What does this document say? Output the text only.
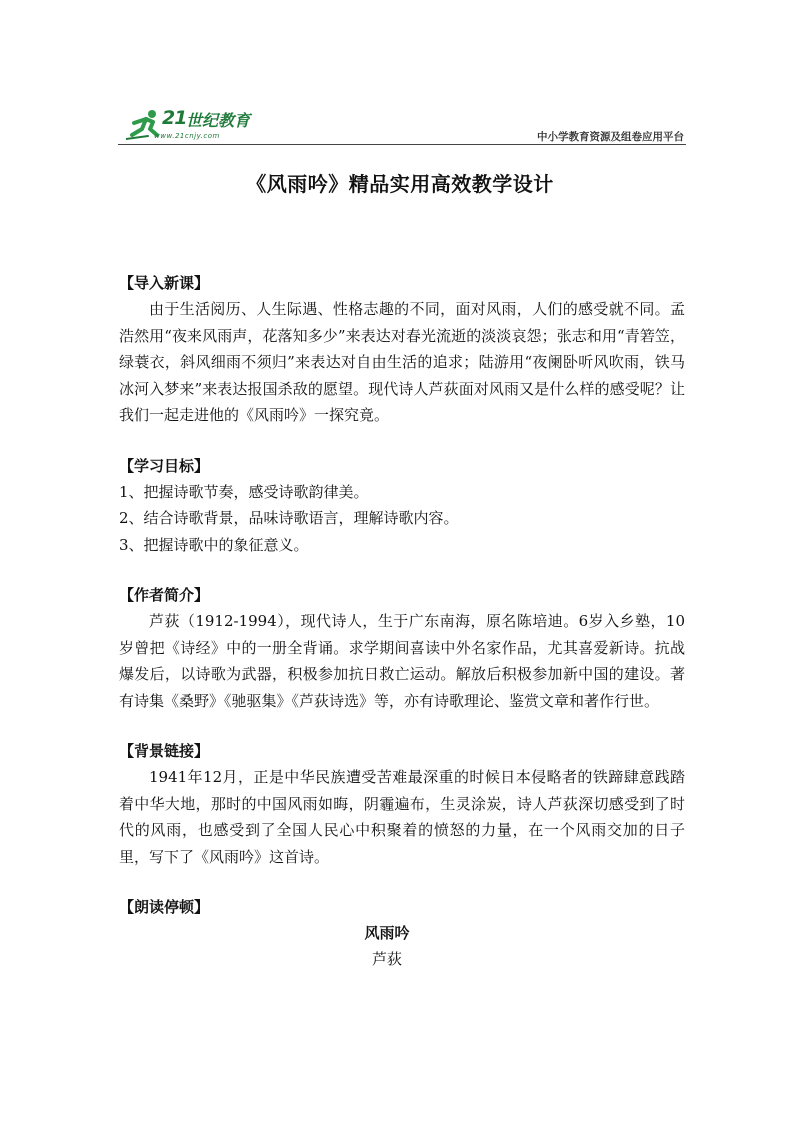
21 世纪教育
www.21cnjy.com	中小学教育资源及组卷应用平台
《风雨吟》精品实用高效教学设计
【导入新课】

由于生活阅历、人生际遇、性格志趣的不同，面对风雨，人们的感受就不同。孟浩然用“夜来风雨声，花落知多少”来表达对春光流逝的淡淡哀怨；张志和用“青箬笠，绿蓑衣，斜风细雨不须归”来表达对自由生活的追求；陆游用“夜阑卧听风吹雨，铁马冰河入梦来”来表达报国杀敌的愿望。现代诗人芦荻面对风雨又是什么样的感受呢？让我们一起走进他的《风雨吟》一探究竟。

【学习目标】
1、把握诗歌节奏，感受诗歌韵律美。
2、结合诗歌背景，品味诗歌语言，理解诗歌内容。
3、把握诗歌中的象征意义。
【作者简介】

芦荻（1912-1994），现代诗人，生于广东南海，原名陈培迪。6岁入乡塾，10岁曾把《诗经》中的一册全背诵。求学期间喜读中外名家作品，尤其喜爱新诗。抗战爆发后，以诗歌为武器，积极参加抗日救亡运动。解放后积极参加新中国的建设。著有诗集《桑野》《驰驱集》《芦荻诗选》等，亦有诗歌理论、鉴赏文章和著作行世。

【背景链接】

1941年12月，正是中华民族遭受苦难最深重的时候日本侵略者的铁蹄肆意践踏着中华大地，那时的中国风雨如晦，阴霾遍布，生灵涂炭，诗人芦荻深切感受到了时代的风雨，也感受到了全国人民心中积聚着的愤怒的力量，在一个风雨交加的日子里，写下了《风雨吟》这首诗。

【朗读停顿】
风雨吟
芦荻
